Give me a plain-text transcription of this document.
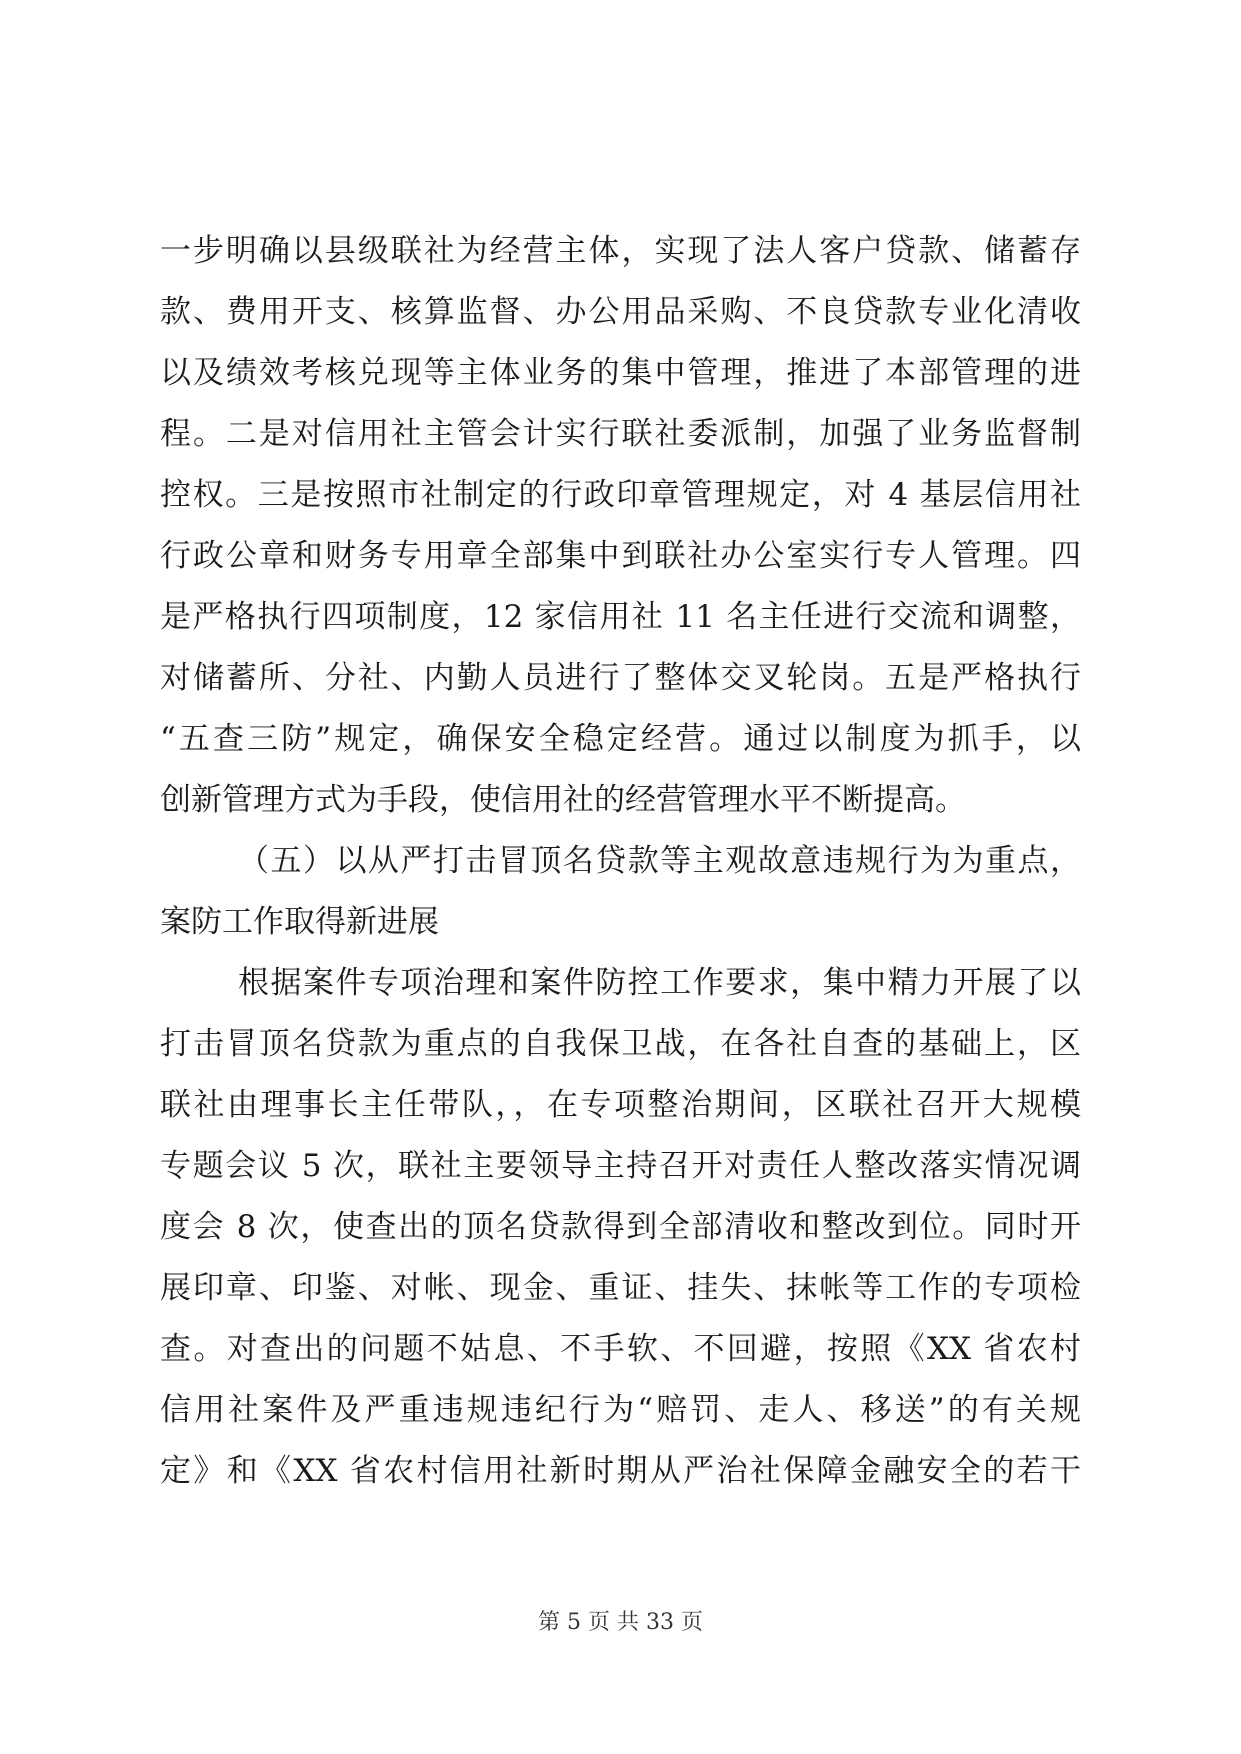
一步明确以县级联社为经营主体，实现了法人客户贷款、储蓄存
款、费用开支、核算监督、办公用品采购、不良贷款专业化清收
以及绩效考核兑现等主体业务的集中管理，推进了本部管理的进
程。二是对信用社主管会计实行联社委派制，加强了业务监督制
控权。三是按照市社制定的行政印章管理规定，对 4 基层信用社
行政公章和财务专用章全部集中到联社办公室实行专人管理。四
是严格执行四项制度，12 家信用社 11 名主任进行交流和调整，
对储蓄所、分社、内勤人员进行了整体交叉轮岗。五是严格执行
“五查三防”规定，确保安全稳定经营。通过以制度为抓手，以
创新管理方式为手段，使信用社的经营管理水平不断提高。
（五）以从严打击冒顶名贷款等主观故意违规行为为重点，
案防工作取得新进展
根据案件专项治理和案件防控工作要求，集中精力开展了以
打击冒顶名贷款为重点的自我保卫战，在各社自查的基础上，区
联社由理事长主任带队，，在专项整治期间，区联社召开大规模
专题会议 5 次，联社主要领导主持召开对责任人整改落实情况调
度会 8 次，使查出的顶名贷款得到全部清收和整改到位。同时开
展印章、印鉴、对帐、现金、重证、挂失、抹帐等工作的专项检
查。对查出的问题不姑息、不手软、不回避，按照《XX 省农村
信用社案件及严重违规违纪行为“赔罚、走人、移送”的有关规
定》和《XX 省农村信用社新时期从严治社保障金融安全的若干
第 5 页 共 33 页
